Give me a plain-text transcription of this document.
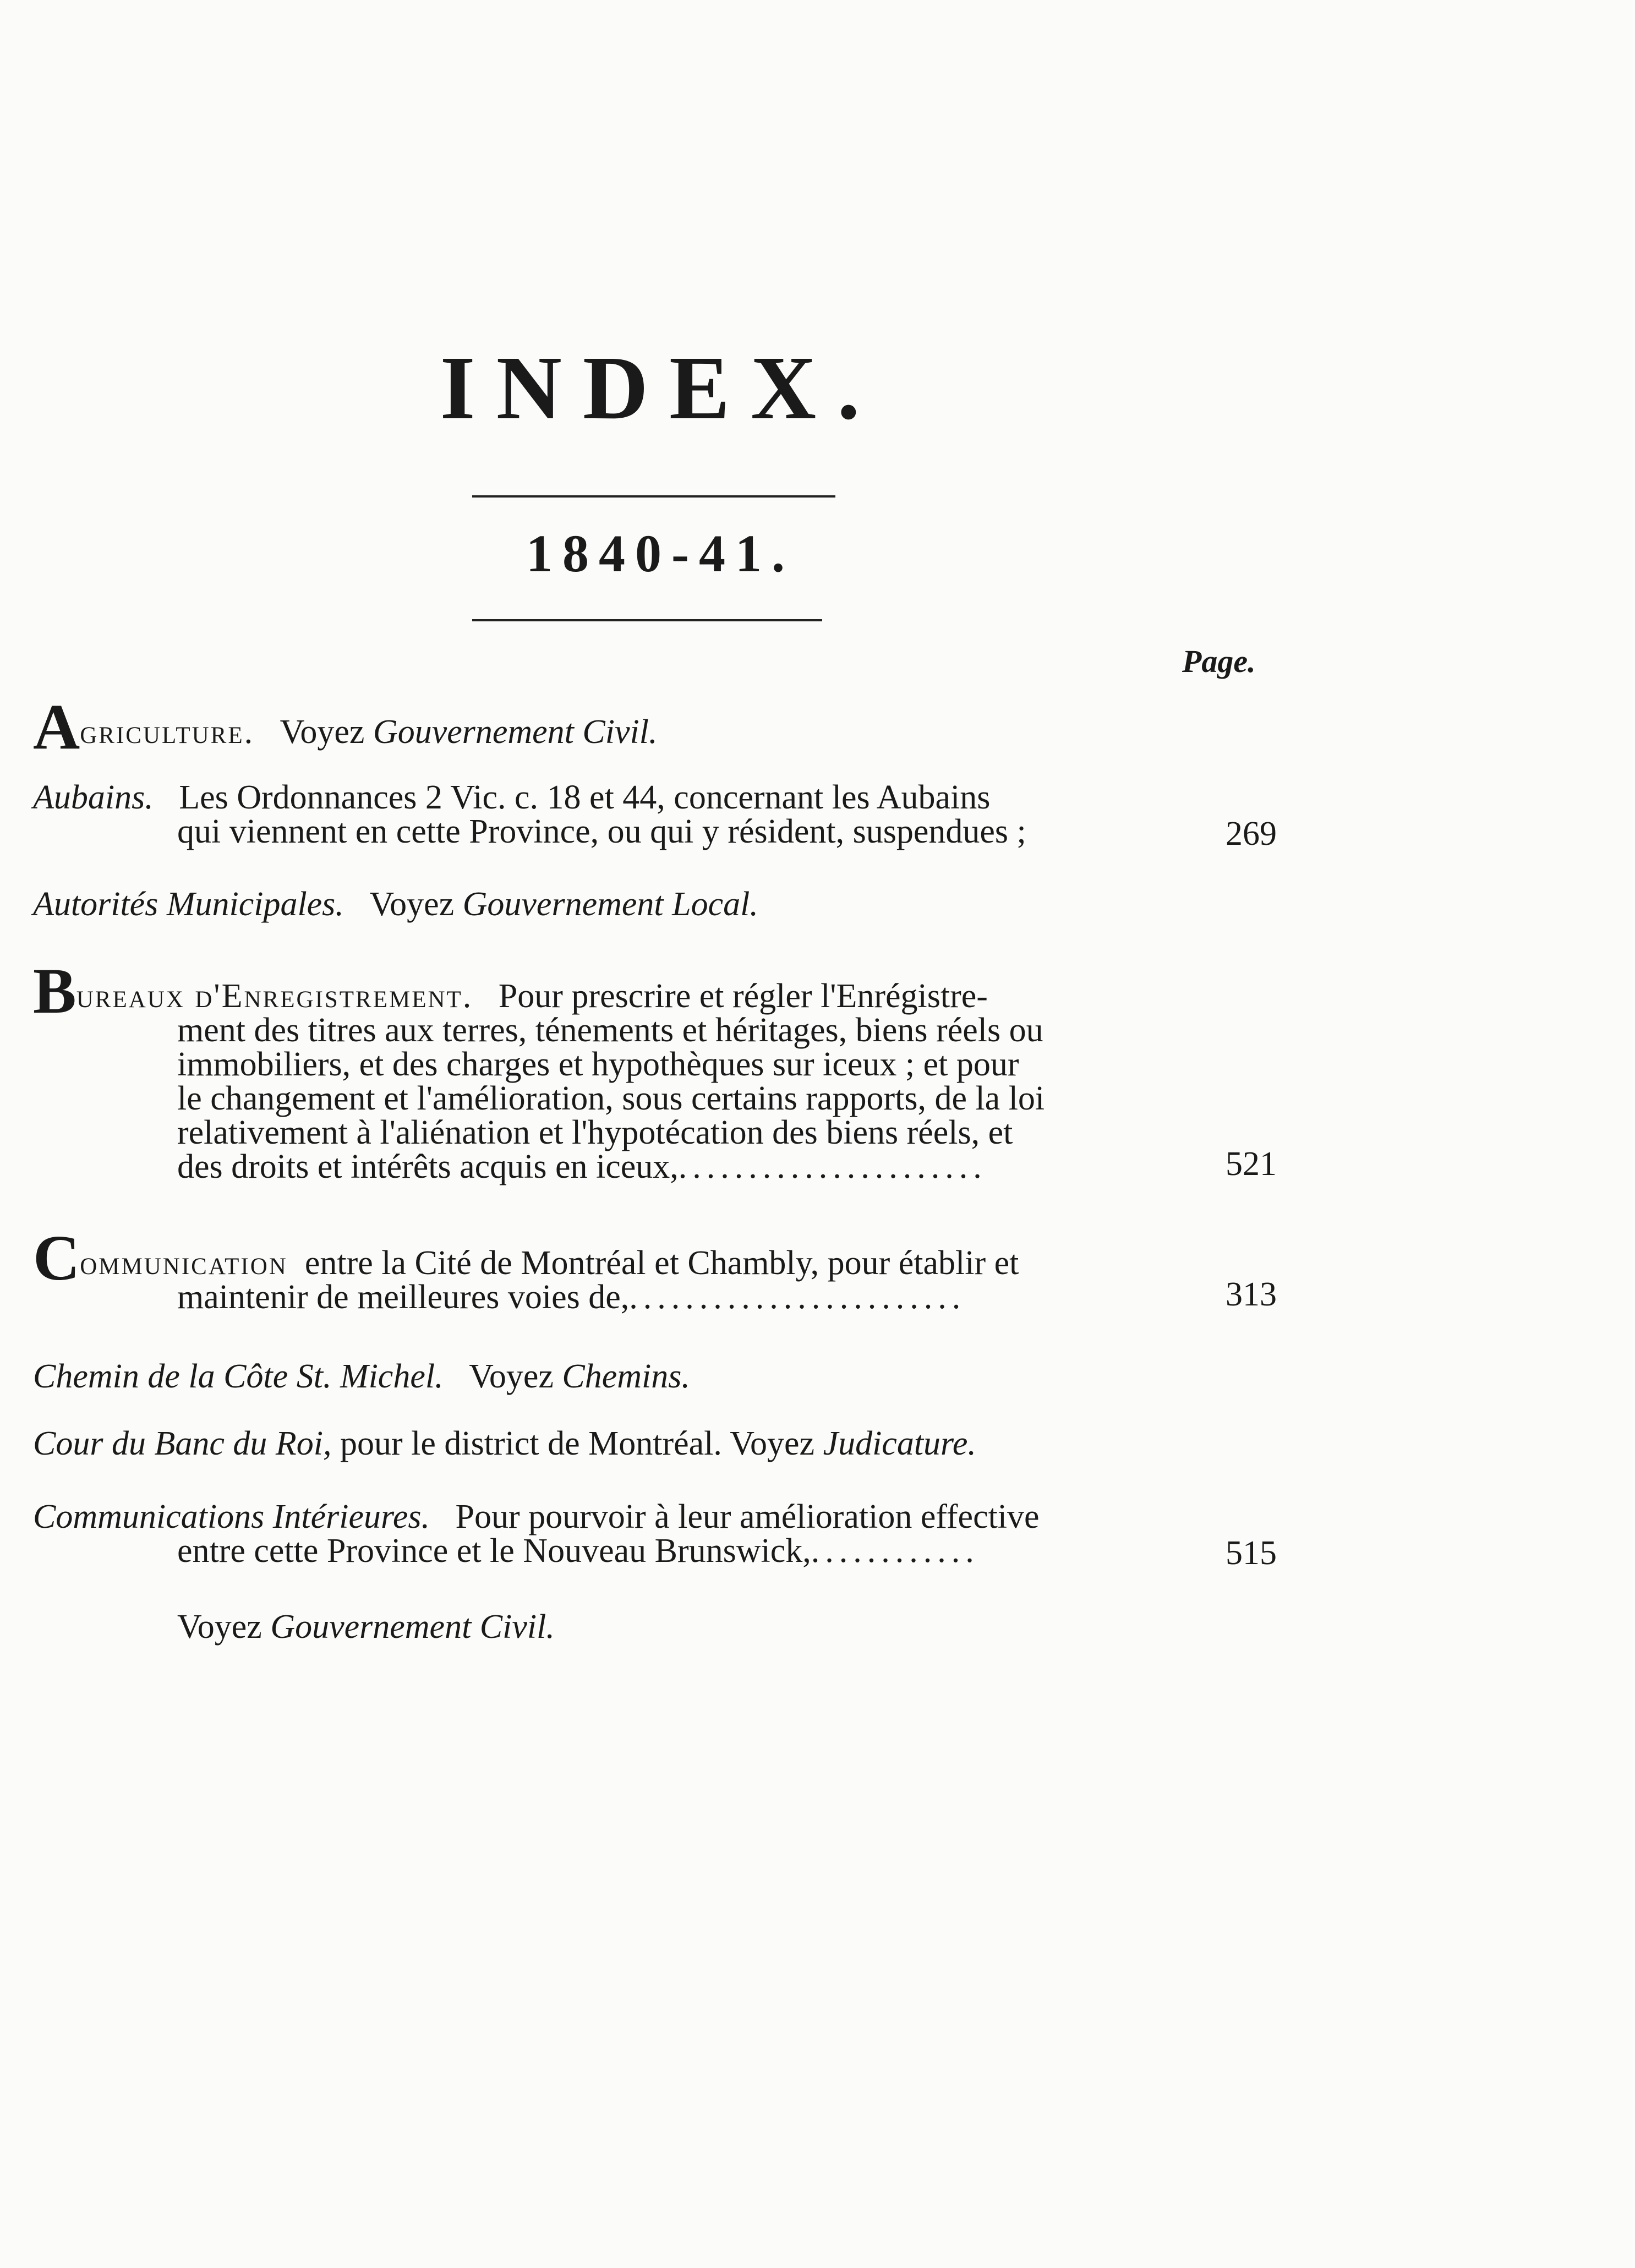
INDEX.
1840-41.
Page.
Agriculture. Voyez Gouvernement Civil.
Aubains. Les Ordonnances 2 Vic. c. 18 et 44, concernant les Aubains
qui viennent en cette Province, ou qui y résident, suspendues ;	269
Autorités Municipales. Voyez Gouvernement Local.
Bureaux d'Enregistrement. Pour prescrire et régler l'Enrégistre-
ment des titres aux terres, ténements et héritages, biens réels ou
immobiliers, et des charges et hypothèques sur iceux ; et pour
le changement et l'amélioration, sous certains rapports, de la loi
relativement à l'aliénation et l'hypotécation des biens réels, et
des droits et intérêts acquis en iceux,......................	521
Communication entre la Cité de Montréal et Chambly, pour établir et
maintenir de meilleures voies de,........................	313
Chemin de la Côte St. Michel. Voyez Chemins.
Cour du Banc du Roi, pour le district de Montréal. Voyez Judicature.
Communications Intérieures. Pour pourvoir à leur amélioration effective
entre cette Province et le Nouveau Brunswick,............	515
Voyez Gouvernement Civil.
